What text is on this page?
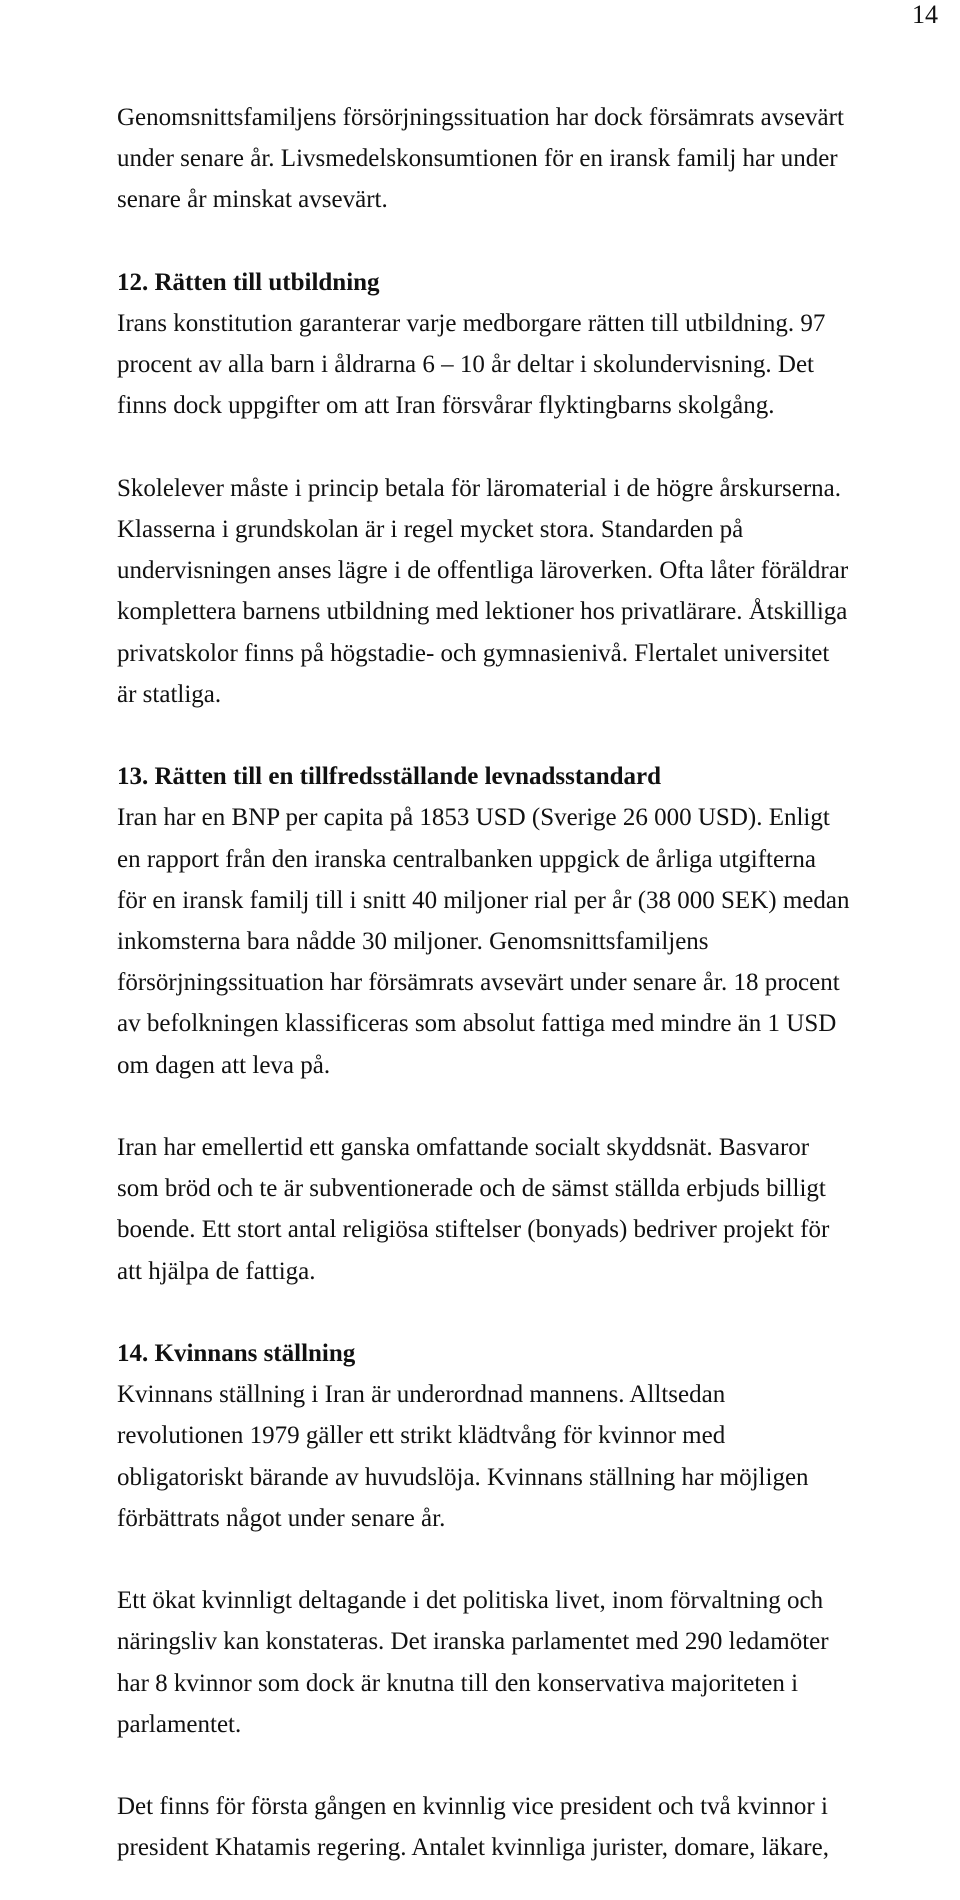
14
Genomsnittsfamiljens försörjningssituation har dock försämrats avsevärt
under senare år. Livsmedelskonsumtionen för en iransk familj har under
senare år minskat avsevärt.
12. Rätten till utbildning
Irans konstitution garanterar varje medborgare rätten till utbildning. 97
procent av alla barn i åldrarna 6 – 10 år deltar i skolundervisning. Det
finns dock uppgifter om att Iran försvårar flyktingbarns skolgång.
Skolelever måste i princip betala för läromaterial i de högre årskurserna.
Klasserna i grundskolan är i regel mycket stora. Standarden på
undervisningen anses lägre i de offentliga läroverken. Ofta låter föräldrar
komplettera barnens utbildning med lektioner hos privatlärare. Åtskilliga
privatskolor finns på högstadie- och gymnasienivå. Flertalet universitet
är statliga.
13. Rätten till en tillfredsställande levnadsstandard
Iran har en BNP per capita på 1853 USD (Sverige 26 000 USD). Enligt
en rapport från den iranska centralbanken uppgick de årliga utgifterna
för en iransk familj till i snitt 40 miljoner rial per år (38 000 SEK) medan
inkomsterna bara nådde 30 miljoner. Genomsnittsfamiljens
försörjningssituation har försämrats avsevärt under senare år. 18 procent
av befolkningen klassificeras som absolut fattiga med mindre än 1 USD
om dagen att leva på.
Iran har emellertid ett ganska omfattande socialt skyddsnät. Basvaror
som bröd och te är subventionerade och de sämst ställda erbjuds billigt
boende. Ett stort antal religiösa stiftelser (bonyads) bedriver projekt för
att hjälpa de fattiga.
14. Kvinnans ställning
Kvinnans ställning i Iran är underordnad mannens. Alltsedan
revolutionen 1979 gäller ett strikt klädtvång för kvinnor med
obligatoriskt bärande av huvudslöja. Kvinnans ställning har möjligen
förbättrats något under senare år.
Ett ökat kvinnligt deltagande i det politiska livet, inom förvaltning och
näringsliv kan konstateras. Det iranska parlamentet med 290 ledamöter
har 8 kvinnor som dock är knutna till den konservativa majoriteten i
parlamentet.
Det finns för första gången en kvinnlig vice president och två kvinnor i
president Khatamis regering. Antalet kvinnliga jurister, domare, läkare,
